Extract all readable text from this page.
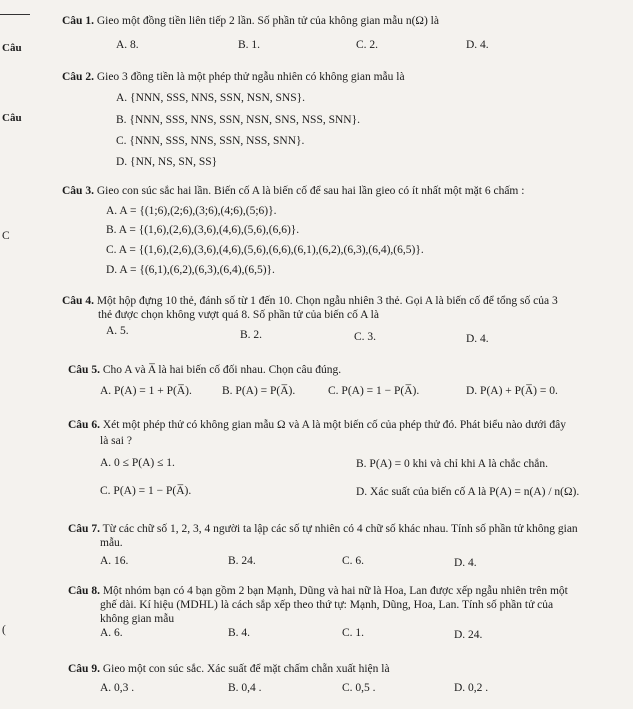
Câu
Câu
C
(
Câu 1. Gieo một đồng tiền liên tiếp 2 lần. Số phần tử của không gian mẫu n(Ω) là
A. 8.	B. 1.	C. 2.	D. 4.
Câu 2. Gieo 3 đồng tiền là một phép thử ngẫu nhiên có không gian mẫu là
A. {NNN, SSS, NNS, SSN, NSN, SNS}.
B. {NNN, SSS, NNS, SSN, NSN, SNS, NSS, SNN}.
C. {NNN, SSS, NNS, SSN, NSS, SNN}.
D. {NN, NS, SN, SS}
Câu 3. Gieo con súc sắc hai lần. Biến cố A là biến cố để sau hai lần gieo có ít nhất một mặt 6 chấm :
A. A = {(1;6),(2;6),(3;6),(4;6),(5;6)}.
B. A = {(1,6),(2,6),(3,6),(4,6),(5,6),(6,6)}.
C. A = {(1,6),(2,6),(3,6),(4,6),(5,6),(6,6),(6,1),(6,2),(6,3),(6,4),(6,5)}.
D. A = {(6,1),(6,2),(6,3),(6,4),(6,5)}.
Câu 4. Một hộp đựng 10 thẻ, đánh số từ 1 đến 10. Chọn ngẫu nhiên 3 thẻ. Gọi A là biến cố để tổng số của 3
thẻ được chọn không vượt quá 8. Số phần tử của biến cố A là
A. 5.	B. 2.	C. 3.	D. 4.
Câu 5. Cho A và A̅ là hai biến cố đối nhau. Chọn câu đúng.
A. P(A) = 1 + P(A̅).	B. P(A) = P(A̅).	C. P(A) = 1 − P(A̅).	D. P(A) + P(A̅) = 0.
Câu 6. Xét một phép thử có không gian mẫu Ω và A là một biến cố của phép thử đó. Phát biểu nào dưới đây
là sai ?
A. 0 ≤ P(A) ≤ 1.	B. P(A) = 0 khi và chỉ khi A là chắc chắn.
C. P(A) = 1 − P(A̅).	D. Xác suất của biến cố A là P(A) = n(A) / n(Ω).
Câu 7. Từ các chữ số 1, 2, 3, 4 người ta lập các số tự nhiên có 4 chữ số khác nhau. Tính số phần tử không gian
mẫu.
A. 16.	B. 24.	C. 6.	D. 4.
Câu 8. Một nhóm bạn có 4 bạn gồm 2 bạn Mạnh, Dũng và hai nữ là Hoa, Lan được xếp ngẫu nhiên trên một
ghế dài. Kí hiệu (MDHL) là cách sắp xếp theo thứ tự: Mạnh, Dũng, Hoa, Lan. Tính số phần tử của
không gian mẫu
A. 6.	B. 4.	C. 1.	D. 24.
Câu 9. Gieo một con súc sắc. Xác suất để mặt chấm chẵn xuất hiện là
A. 0,3 .	B. 0,4 .	C. 0,5 .	D. 0,2 .
